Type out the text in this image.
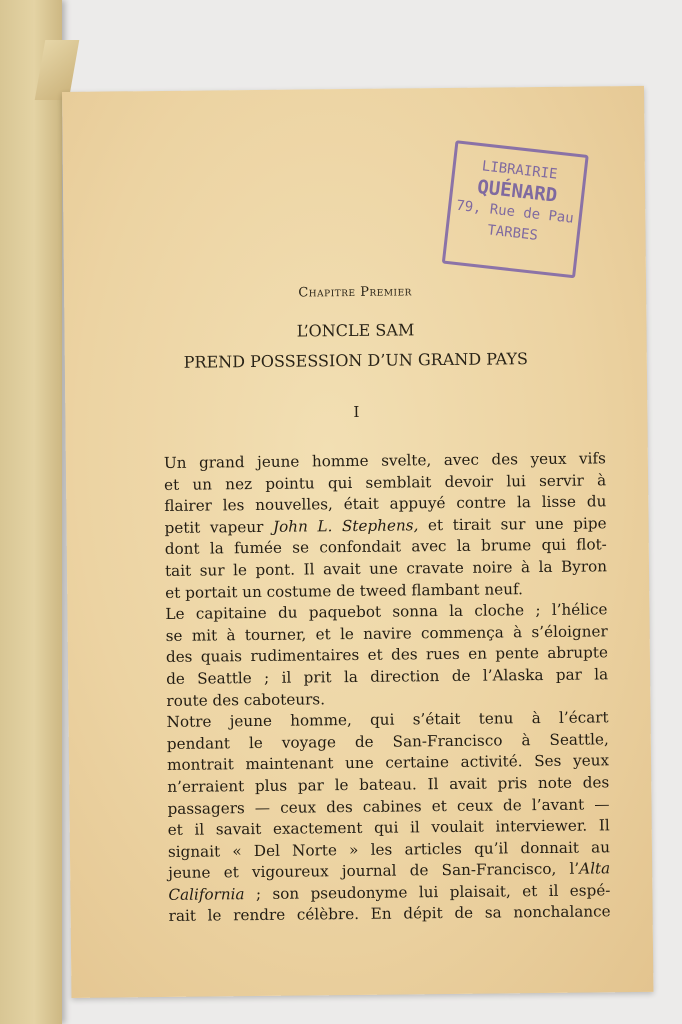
LIBRAIRIE
QUÉNARD
79, Rue de Pau
TARBES
Chapitre Premier
L’ONCLE SAM
PREND POSSESSION D’UN GRAND PAYS
I
Un grand jeune homme svelte, avec des yeux vifs
et un nez pointu qui semblait devoir lui servir à
flairer les nouvelles, était appuyé contre la lisse du
petit vapeur John L. Stephens, et tirait sur une pipe
dont la fumée se confondait avec la brume qui flot-
tait sur le pont. Il avait une cravate noire à la Byron
et portait un costume de tweed flambant neuf.
Le capitaine du paquebot sonna la cloche ; l’hélice
se mit à tourner, et le navire commença à s’éloigner
des quais rudimentaires et des rues en pente abrupte
de Seattle ; il prit la direction de l’Alaska par la
route des caboteurs.
Notre jeune homme, qui s’était tenu à l’écart
pendant le voyage de San-Francisco à Seattle,
montrait maintenant une certaine activité. Ses yeux
n’erraient plus par le bateau. Il avait pris note des
passagers — ceux des cabines et ceux de l’avant —
et il savait exactement qui il voulait interviewer. Il
signait « Del Norte » les articles qu’il donnait au
jeune et vigoureux journal de San-Francisco, l’Alta
California ; son pseudonyme lui plaisait, et il espé-
rait le rendre célèbre. En dépit de sa nonchalance
